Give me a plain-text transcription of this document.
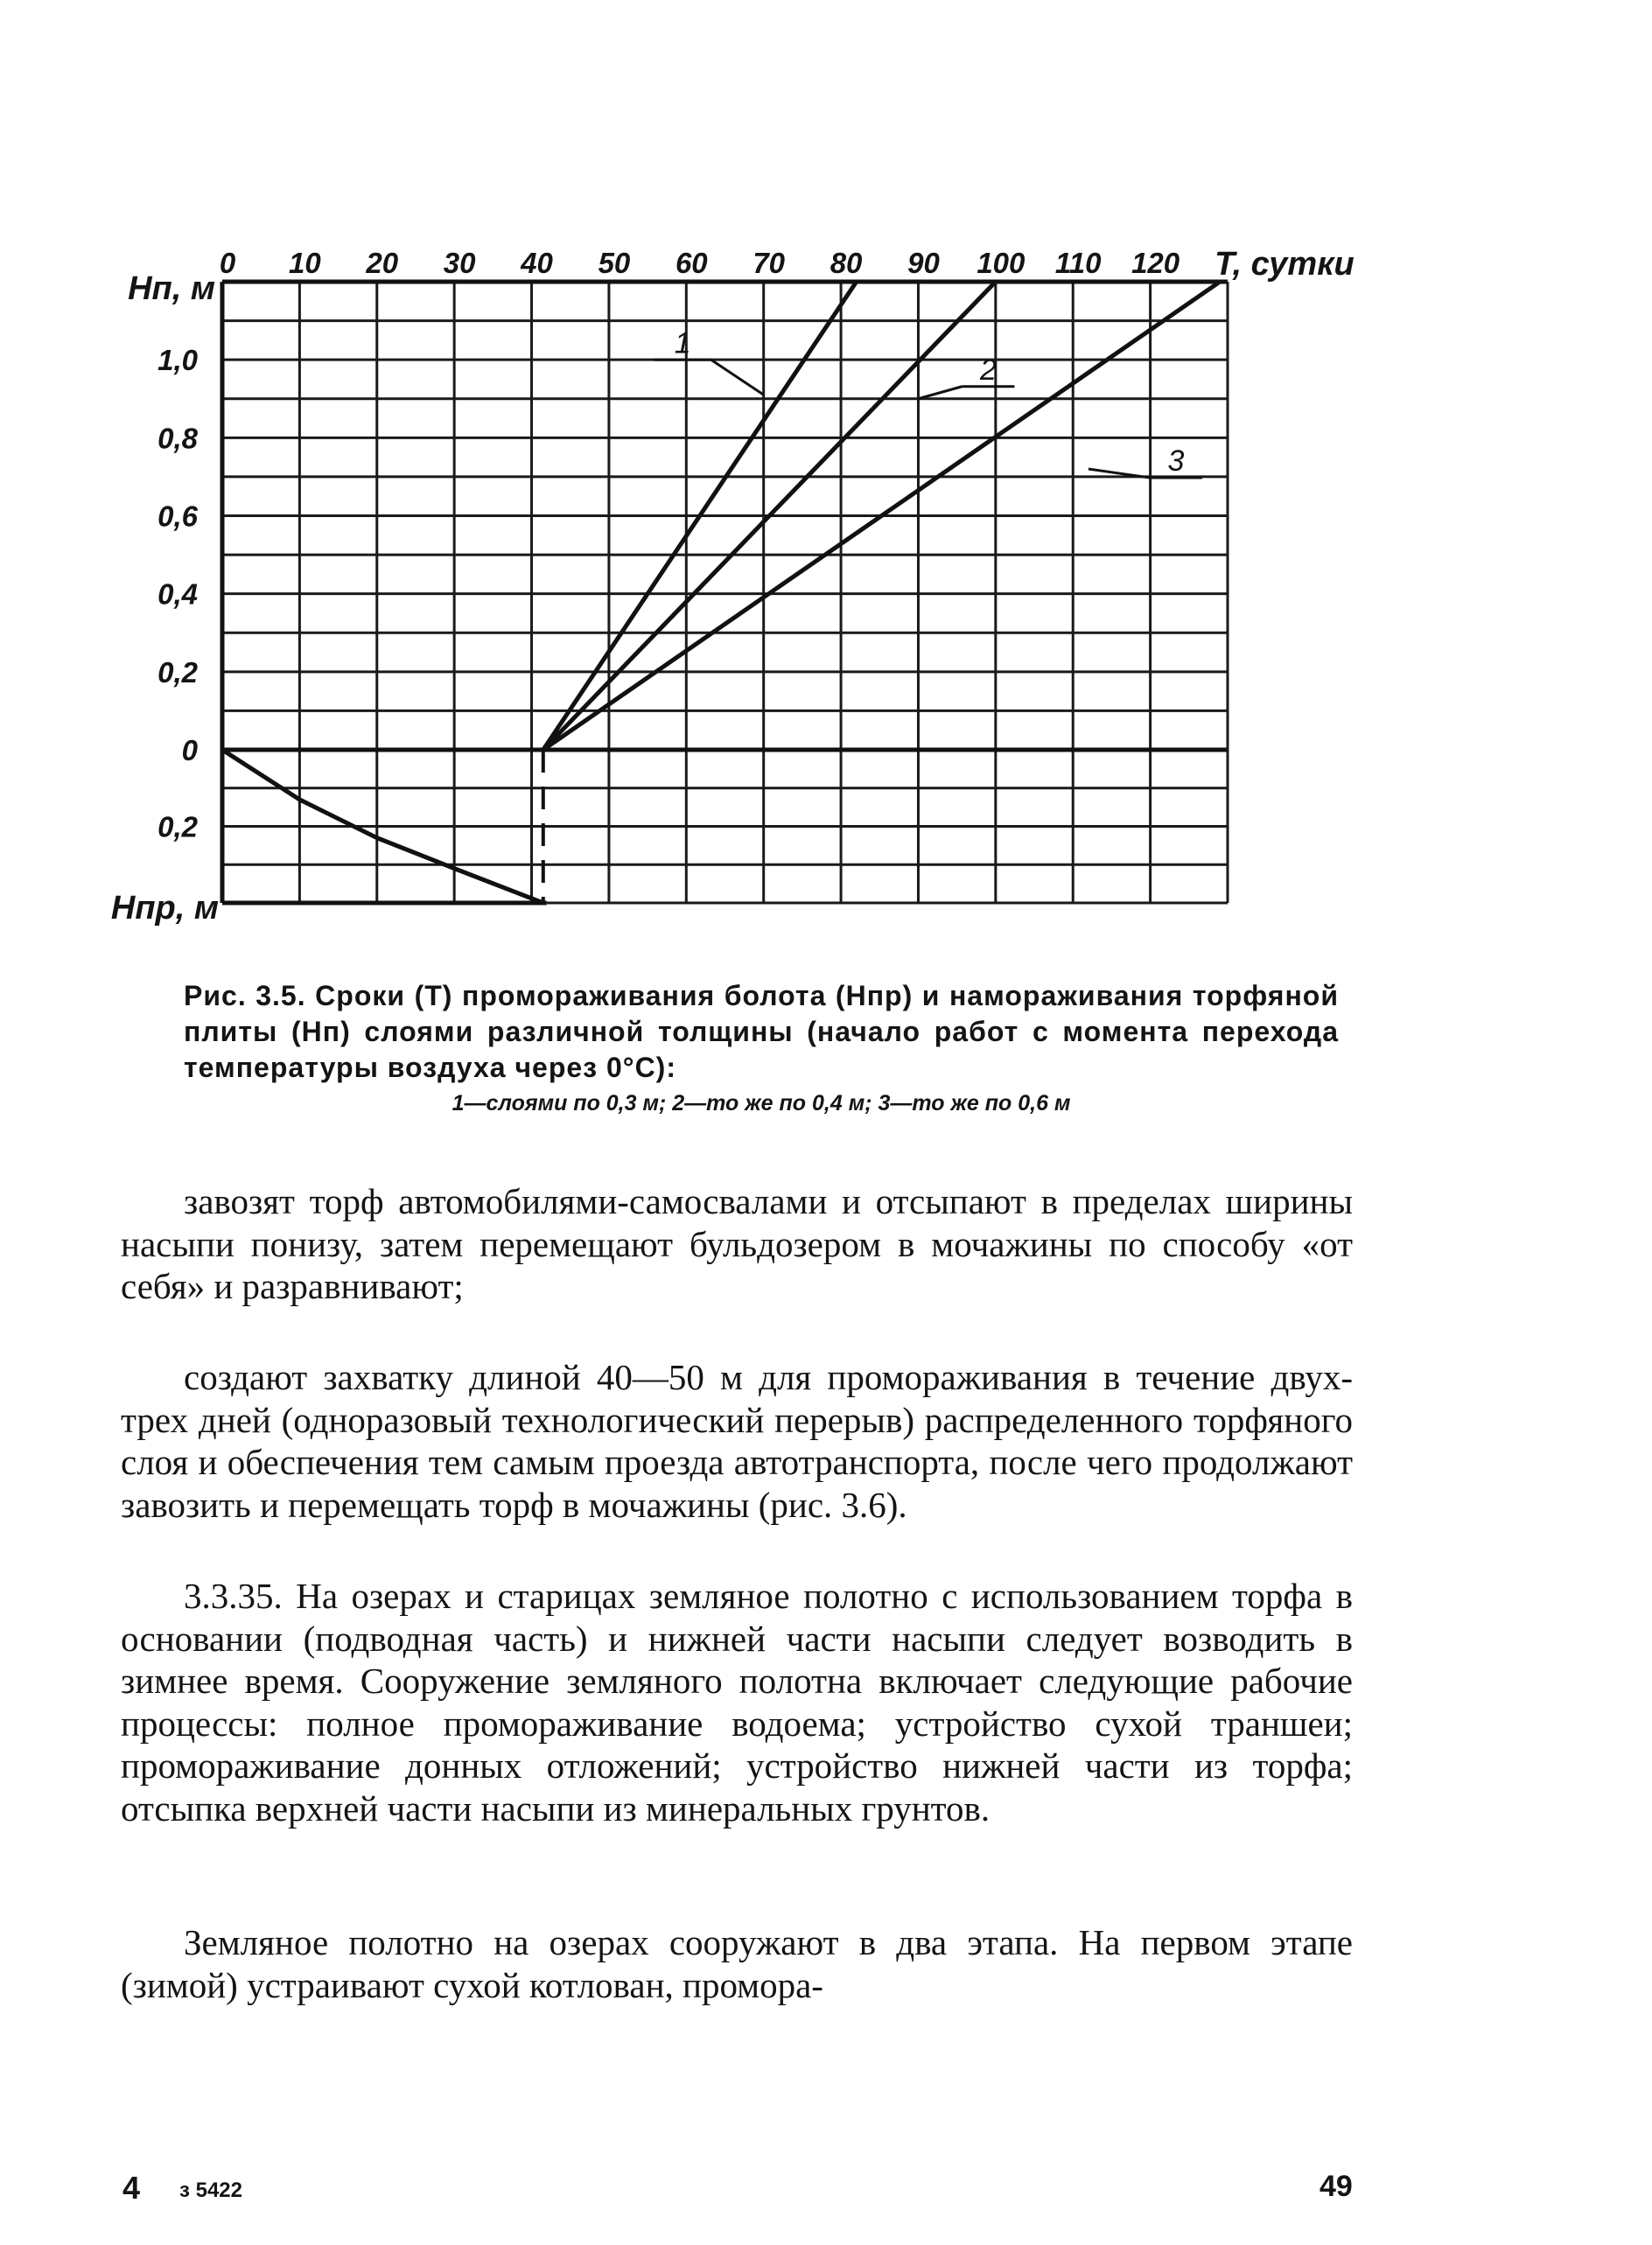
0 10 20 30 40 50 60 70 80 90 100 110 120 T, сутки
1,0
0,8
0,6
0,4
0,2
0
0,2
Hп, м
Hпр, м
1
2
3
Рис. 3.5. Сроки (T) промораживания болота (Hпр) и намораживания торфяной плиты (Hп) слоями различной толщины (начало работ с момента перехода температуры воздуха через 0°С):
1—слоями по 0,3 м; 2—то же по 0,4 м; 3—то же по 0,6 м

завозят торф автомобилями-самосвалами и отсыпают в пределах ширины насыпи понизу, затем перемещают бульдозером в мочажины по способу «от себя» и разравнивают;

создают захватку длиной 40—50 м для промораживания в течение двух-трех дней (одноразовый технологический перерыв) распределенного торфяного слоя и обеспечения тем самым проезда автотранспорта, после чего продолжают завозить и перемещать торф в мочажины (рис. 3.6).

3.3.35. На озерах и старицах земляное полотно с использованием торфа в основании (подводная часть) и нижней части насыпи следует возводить в зимнее время. Сооружение земляного полотна включает следующие рабочие процессы: полное промораживание водоема; устройство сухой траншеи; промораживание донных отложений; устройство нижней части из торфа; отсыпка верхней части насыпи из минеральных грунтов.

Земляное полотно на озерах сооружают в два этапа. На первом этапе (зимой) устраивают сухой котлован, промора-

4 з 5422	49
